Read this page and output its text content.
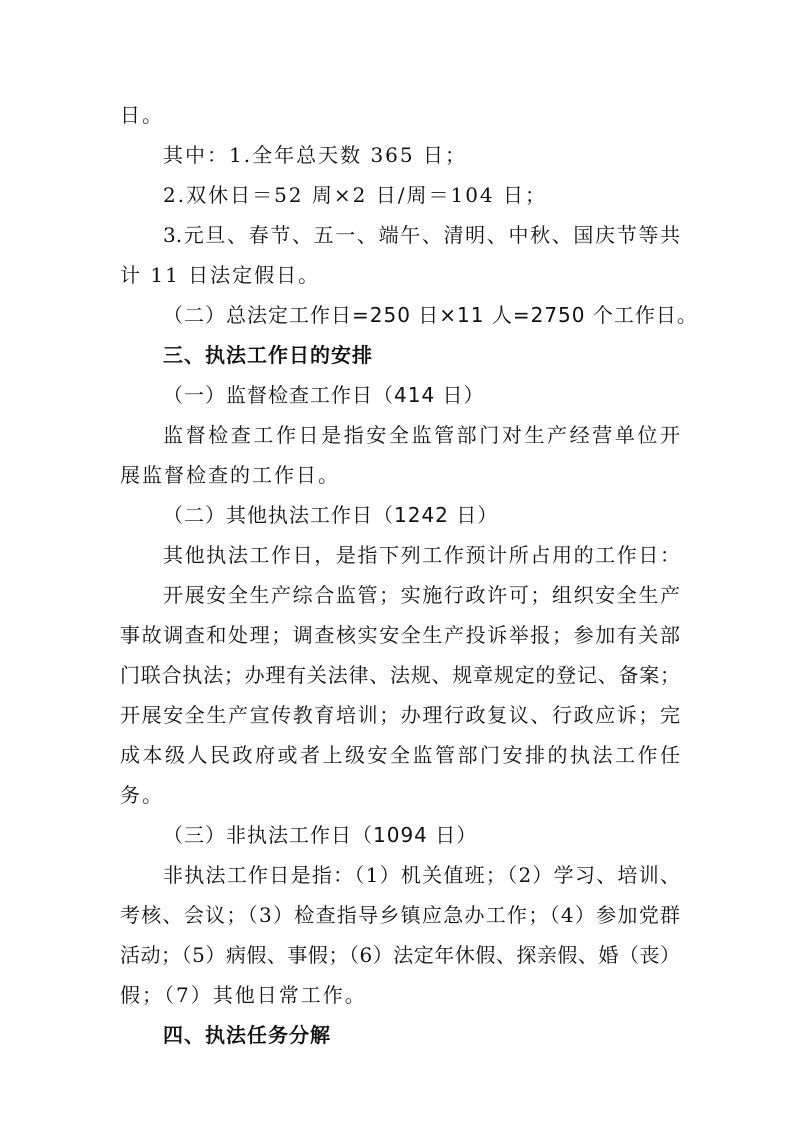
日。

其中：1.全年总天数 365 日；

2.双休日＝52 周×2 日/周＝104 日；

3.元旦、春节、五一、端午、清明、中秋、国庆节等共

计 11 日法定假日。

（二）总法定工作日=250 日×11 人=2750 个工作日。

三、执法工作日的安排

（一）监督检查工作日（414 日）

监督检查工作日是指安全监管部门对生产经营单位开

展监督检查的工作日。

（二）其他执法工作日（1242 日）

其他执法工作日，是指下列工作预计所占用的工作日：

开展安全生产综合监管；实施行政许可；组织安全生产

事故调查和处理；调查核实安全生产投诉举报；参加有关部

门联合执法；办理有关法律、法规、规章规定的登记、备案；

开展安全生产宣传教育培训；办理行政复议、行政应诉；完

成本级人民政府或者上级安全监管部门安排的执法工作任

务。

（三）非执法工作日（1094 日）

非执法工作日是指：（1）机关值班；（2）学习、培训、

考核、会议；（3）检查指导乡镇应急办工作；（4）参加党群

活动；（5）病假、事假；（6）法定年休假、探亲假、婚（丧）

假；（7）其他日常工作。

四、执法任务分解
